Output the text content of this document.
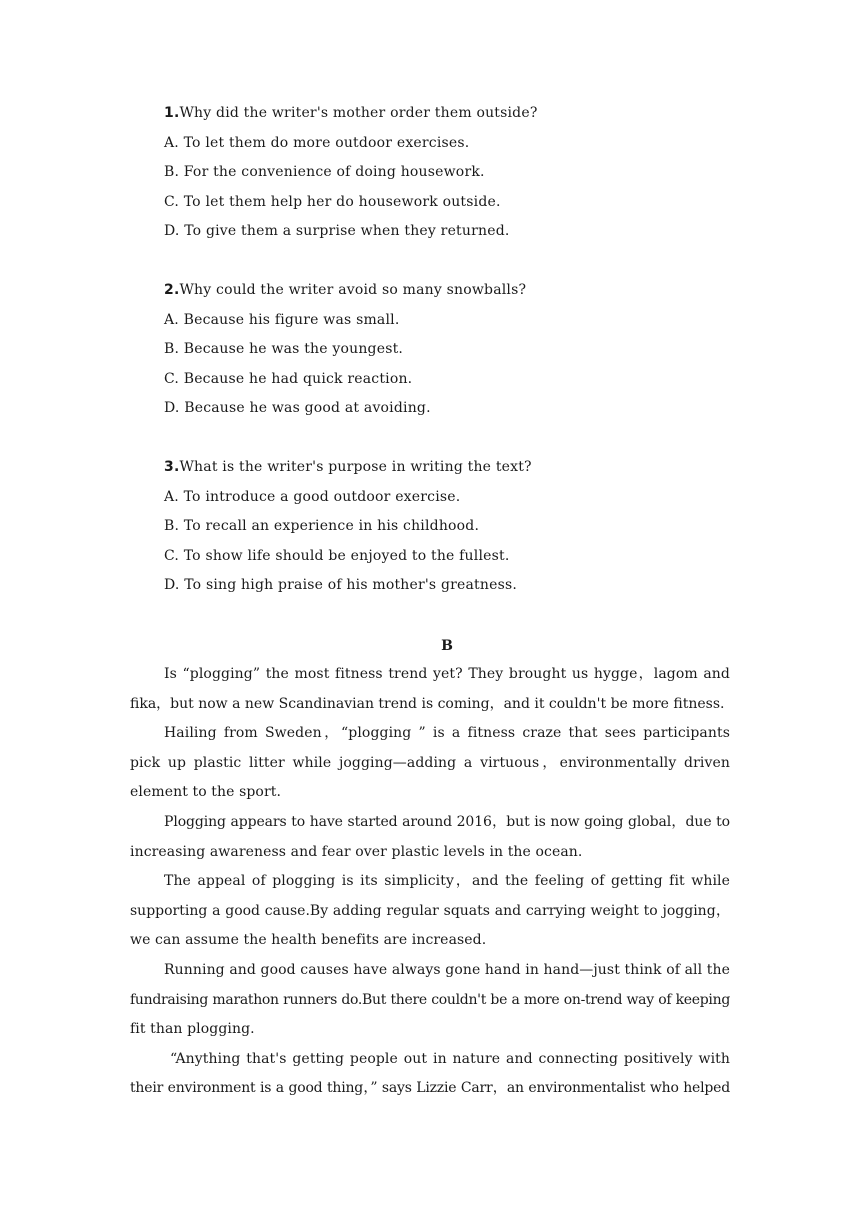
1.Why did the writer's mother order them outside?
A. To let them do more outdoor exercises.
B. For the convenience of doing housework.
C. To let them help her do housework outside.
D. To give them a surprise when they returned.
2.Why could the writer avoid so many snowballs?
A. Because his figure was small.
B. Because he was the youngest.
C. Because he had quick reaction.
D. Because he was good at avoiding.
3.What is the writer's purpose in writing the text?
A. To introduce a good outdoor exercise.
B. To recall an experience in his childhood.
C. To show life should be enjoyed to the fullest.
D. To sing high praise of his mother's greatness.
B
Is “plogging” the most fitness trend yet? They brought us hygge，lagom and
fika，but now a new Scandinavian trend is coming，and it couldn't be more fitness.
Hailing from Sweden，“plogging ” is a fitness craze that sees participants
pick up plastic litter while jogging—adding a virtuous，environmentally driven
element to the sport.
Plogging appears to have started around 2016，but is now going global，due to
increasing awareness and fear over plastic levels in the ocean.
The appeal of plogging is its simplicity，and the feeling of getting fit while
supporting a good cause.By adding regular squats and carrying weight to jogging，
we can assume the health benefits are increased.
Running and good causes have always gone hand in hand—just think of all the
fundraising marathon runners do.But there couldn't be a more on-trend way of keeping
fit than plogging.
“Anything that's getting people out in nature and connecting positively with
their environment is a good thing，” says Lizzie Carr，an environmentalist who helped
